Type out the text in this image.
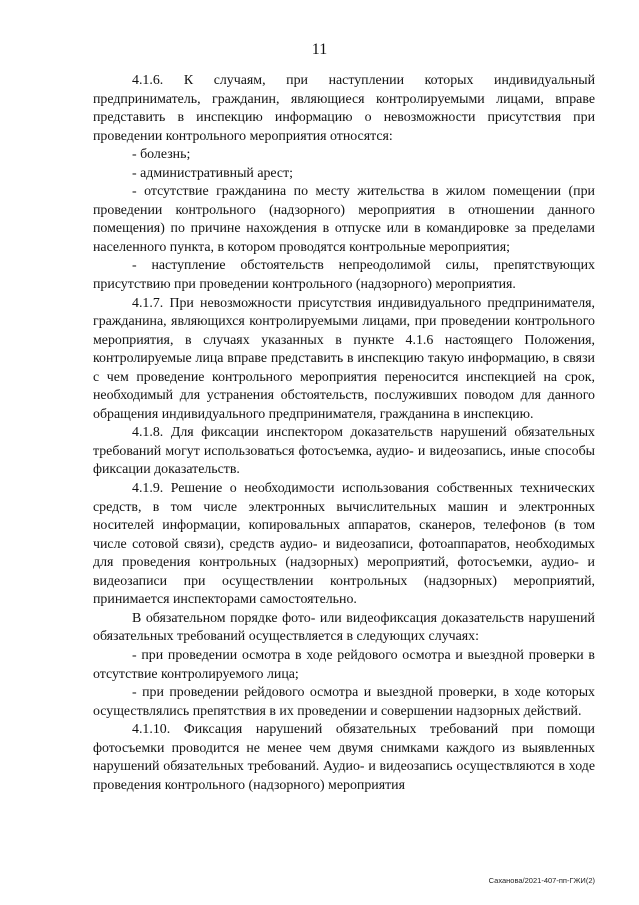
11

4.1.6. К случаям, при наступлении которых индивидуальный предприниматель, гражданин, являющиеся контролируемыми лицами, вправе представить в инспекцию информацию о невозможности присутствия при проведении контрольного мероприятия относятся:

- болезнь;

- административный арест;

- отсутствие гражданина по месту жительства в жилом помещении (при проведении контрольного (надзорного) мероприятия в отношении данного помещения) по причине нахождения в отпуске или в командировке за пределами населенного пункта, в котором проводятся контрольные мероприятия;

- наступление обстоятельств непреодолимой силы, препятствующих присутствию при проведении контрольного (надзорного) мероприятия.

4.1.7. При невозможности присутствия индивидуального предпринимателя, гражданина, являющихся контролируемыми лицами, при проведении контрольного мероприятия, в случаях указанных в пункте 4.1.6 настоящего Положения, контролируемые лица вправе представить в инспекцию такую информацию, в связи с чем проведение контрольного мероприятия переносится инспекцией на срок, необходимый для устранения обстоятельств, послуживших поводом для данного обращения индивидуального предпринимателя, гражданина в инспекцию.

4.1.8. Для фиксации инспектором доказательств нарушений обязательных требований могут использоваться фотосъемка, аудио- и видеозапись, иные способы фиксации доказательств.

4.1.9. Решение о необходимости использования собственных технических средств, в том числе электронных вычислительных машин и электронных носителей информации, копировальных аппаратов, сканеров, телефонов (в том числе сотовой связи), средств аудио- и видеозаписи, фотоаппаратов, необходимых для проведения контрольных (надзорных) мероприятий, фотосъемки, аудио- и видеозаписи при осуществлении контрольных (надзорных) мероприятий, принимается инспекторами самостоятельно.

В обязательном порядке фото- или видеофиксация доказательств нарушений обязательных требований осуществляется в следующих случаях:

- при проведении осмотра в ходе рейдового осмотра и выездной проверки в отсутствие контролируемого лица;

- при проведении рейдового осмотра и выездной проверки, в ходе которых осуществлялись препятствия в их проведении и совершении надзорных действий.

4.1.10. Фиксация нарушений обязательных требований при помощи фотосъемки проводится не менее чем двумя снимками каждого из выявленных нарушений обязательных требований. Аудио- и видеозапись осуществляются в ходе проведения контрольного (надзорного) мероприятия

Саханова/2021-407-пп-ГЖИ(2)
